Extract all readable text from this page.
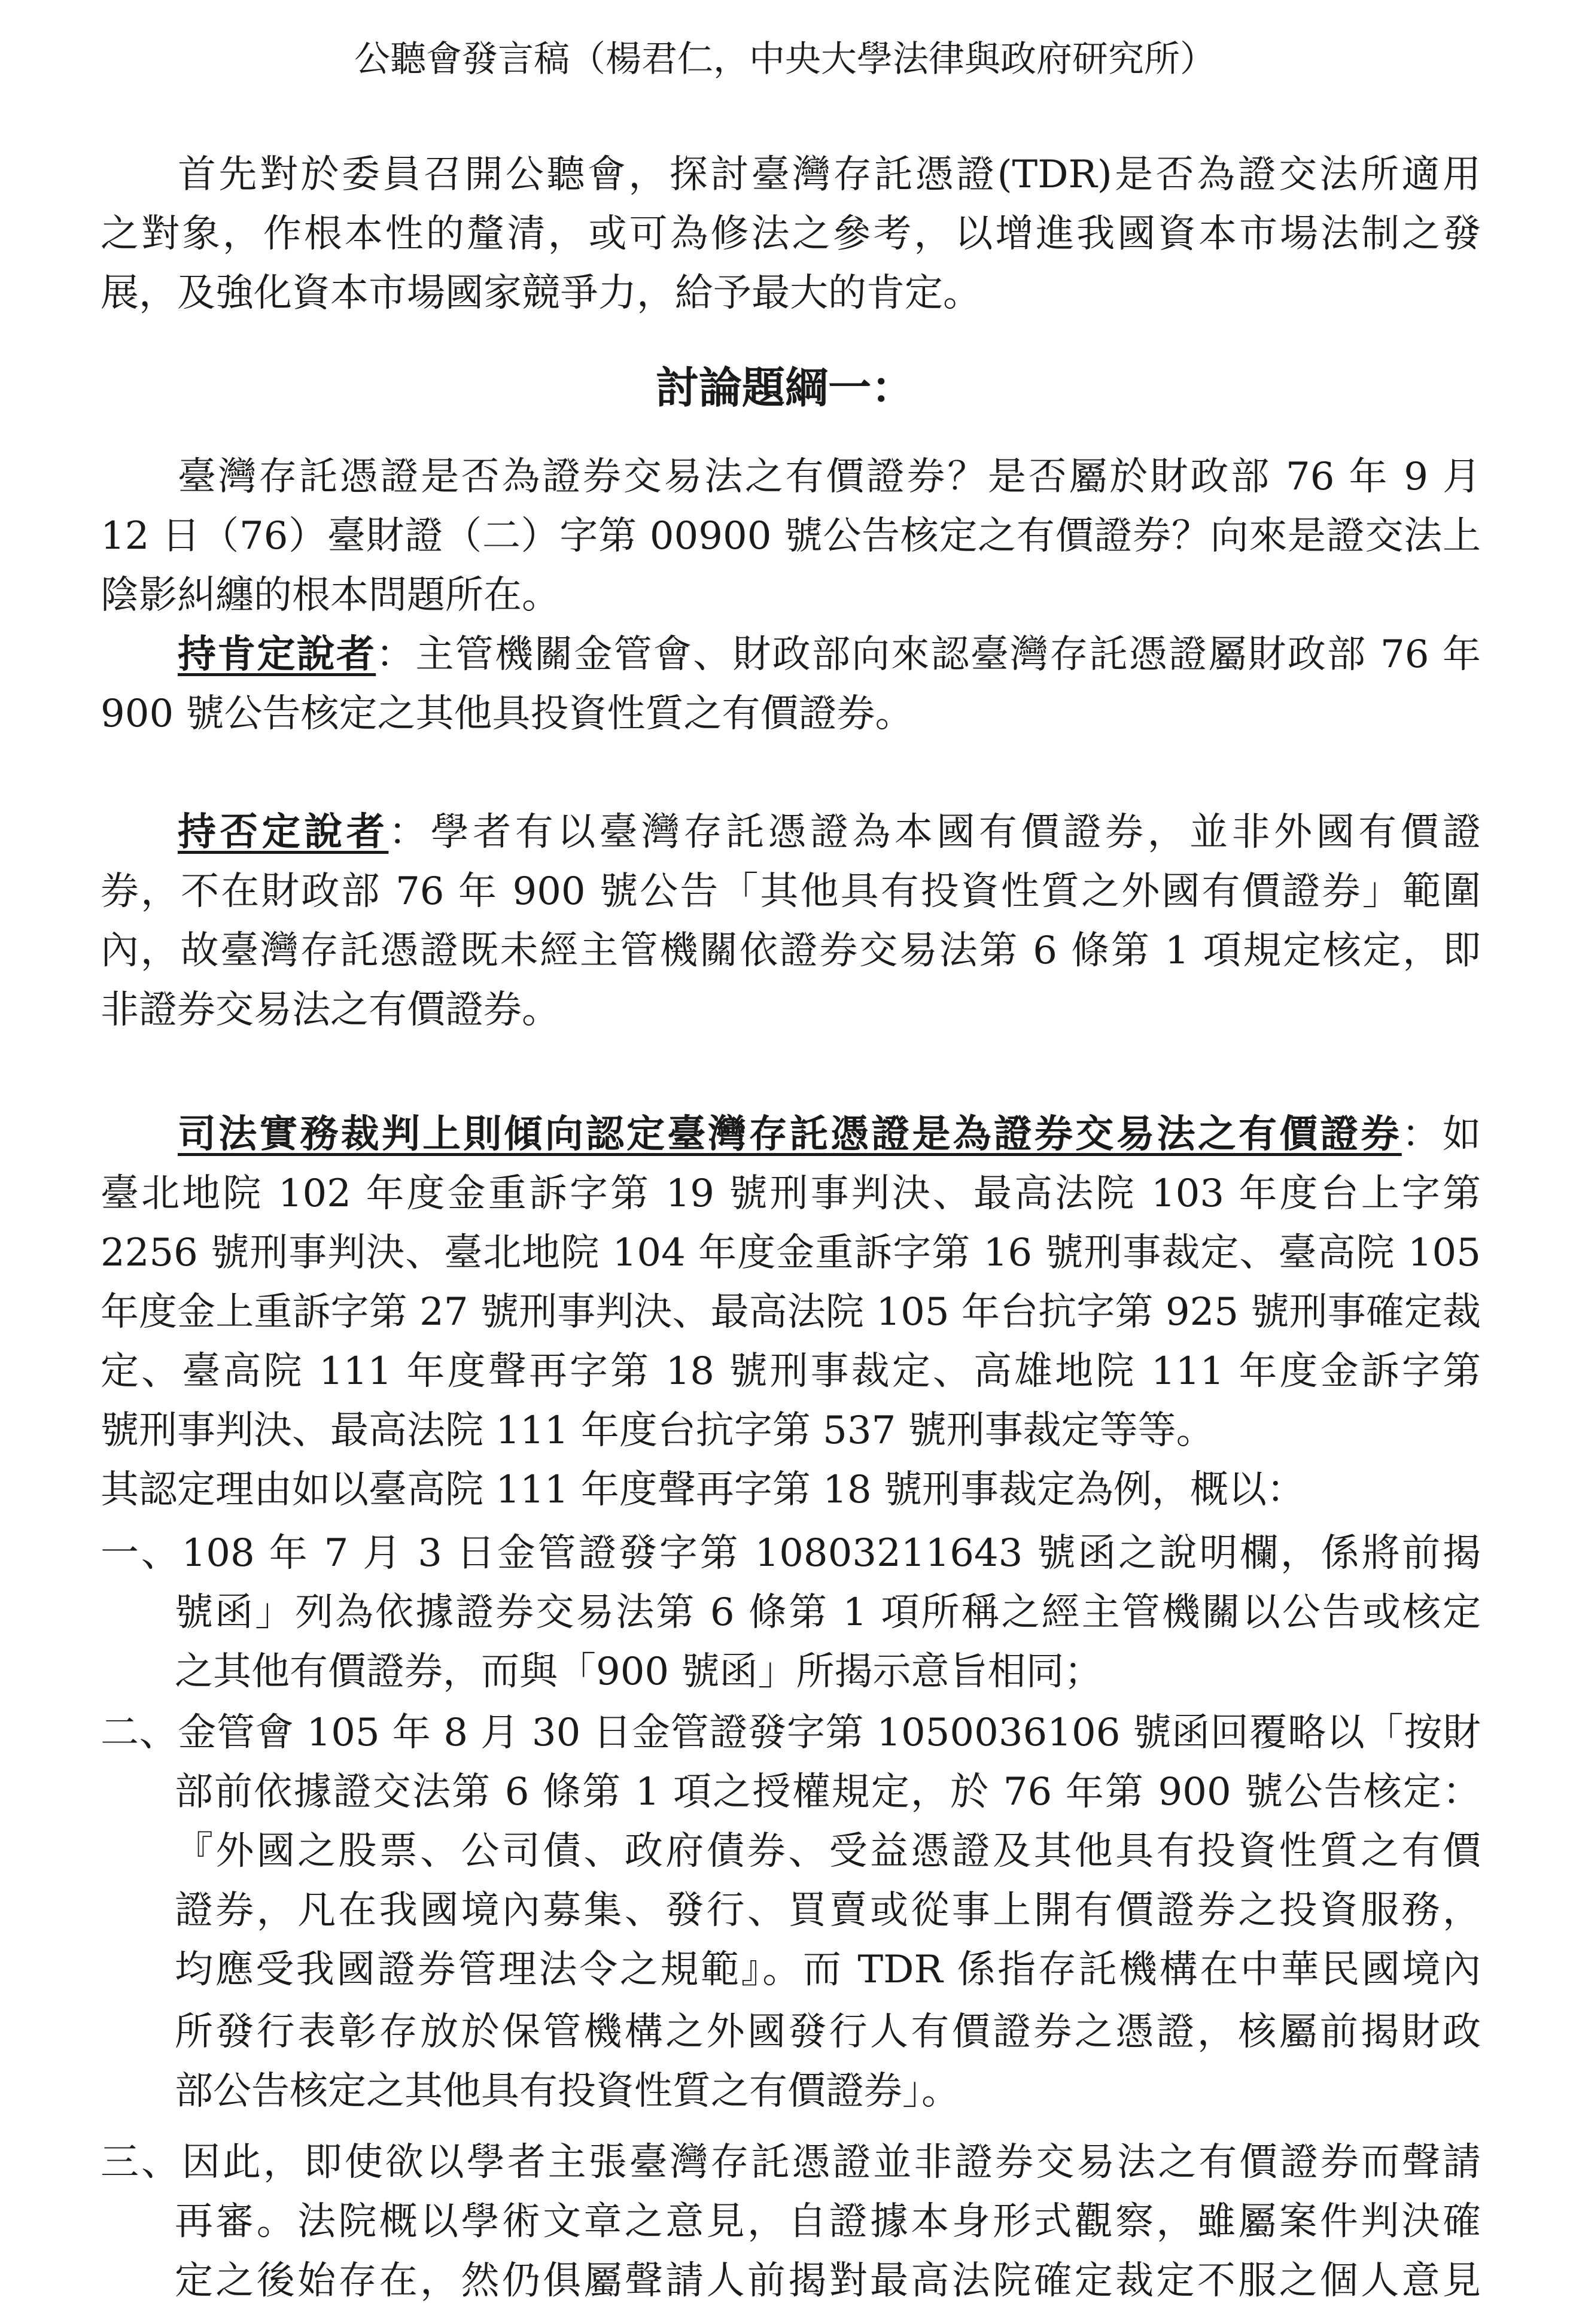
公聽會發言稿（楊君仁，中央大學法律與政府研究所）
首先對於委員召開公聽會，探討臺灣存託憑證(TDR)是否為證交法所適用
之對象，作根本性的釐清，或可為修法之參考，以增進我國資本市場法制之發
展，及強化資本市場國家競爭力，給予最大的肯定。
討論題綱一：
臺灣存託憑證是否為證券交易法之有價證券？是否屬於財政部 76 年 9 月
12 日（76）臺財證（二）字第 00900 號公告核定之有價證券？向來是證交法上
陰影糾纏的根本問題所在。
持肯定說者：主管機關金管會、財政部向來認臺灣存託憑證屬財政部 76 年
900 號公告核定之其他具投資性質之有價證券。
持否定說者：學者有以臺灣存託憑證為本國有價證券，並非外國有價證
券，不在財政部 76 年 900 號公告「其他具有投資性質之外國有價證券」範圍
內，故臺灣存託憑證既未經主管機關依證券交易法第 6 條第 1 項規定核定，即
非證券交易法之有價證券。
司法實務裁判上則傾向認定臺灣存託憑證是為證券交易法之有價證券：如
臺北地院 102 年度金重訴字第 19 號刑事判決、最高法院 103 年度台上字第
2256 號刑事判決、臺北地院 104 年度金重訴字第 16 號刑事裁定、臺高院 105
年度金上重訴字第 27 號刑事判決、最高法院 105 年台抗字第 925 號刑事確定裁
定、臺高院 111 年度聲再字第 18 號刑事裁定、高雄地院 111 年度金訴字第
號刑事判決、最高法院 111 年度台抗字第 537 號刑事裁定等等。
其認定理由如以臺高院 111 年度聲再字第 18 號刑事裁定為例，概以：
一、108 年 7 月 3 日金管證發字第 10803211643 號函之說明欄，係將前揭
號函」列為依據證券交易法第 6 條第 1 項所稱之經主管機關以公告或核定
之其他有價證券，而與「900 號函」所揭示意旨相同；
二、金管會 105 年 8 月 30 日金管證發字第 1050036106 號函回覆略以「按財
部前依據證交法第 6 條第 1 項之授權規定，於 76 年第 900 號公告核定：
『外國之股票、公司債、政府債券、受益憑證及其他具有投資性質之有價
證券，凡在我國境內募集、發行、買賣或從事上開有價證券之投資服務，
均應受我國證券管理法令之規範』。而 TDR 係指存託機構在中華民國境內
所發行表彰存放於保管機構之外國發行人有價證券之憑證，核屬前揭財政
部公告核定之其他具有投資性質之有價證券」。
三、因此，即使欲以學者主張臺灣存託憑證並非證券交易法之有價證券而聲請
再審。法院概以學術文章之意見，自證據本身形式觀察，雖屬案件判決確
定之後始存在，然仍俱屬聲請人前揭對最高法院確定裁定不服之個人意見
